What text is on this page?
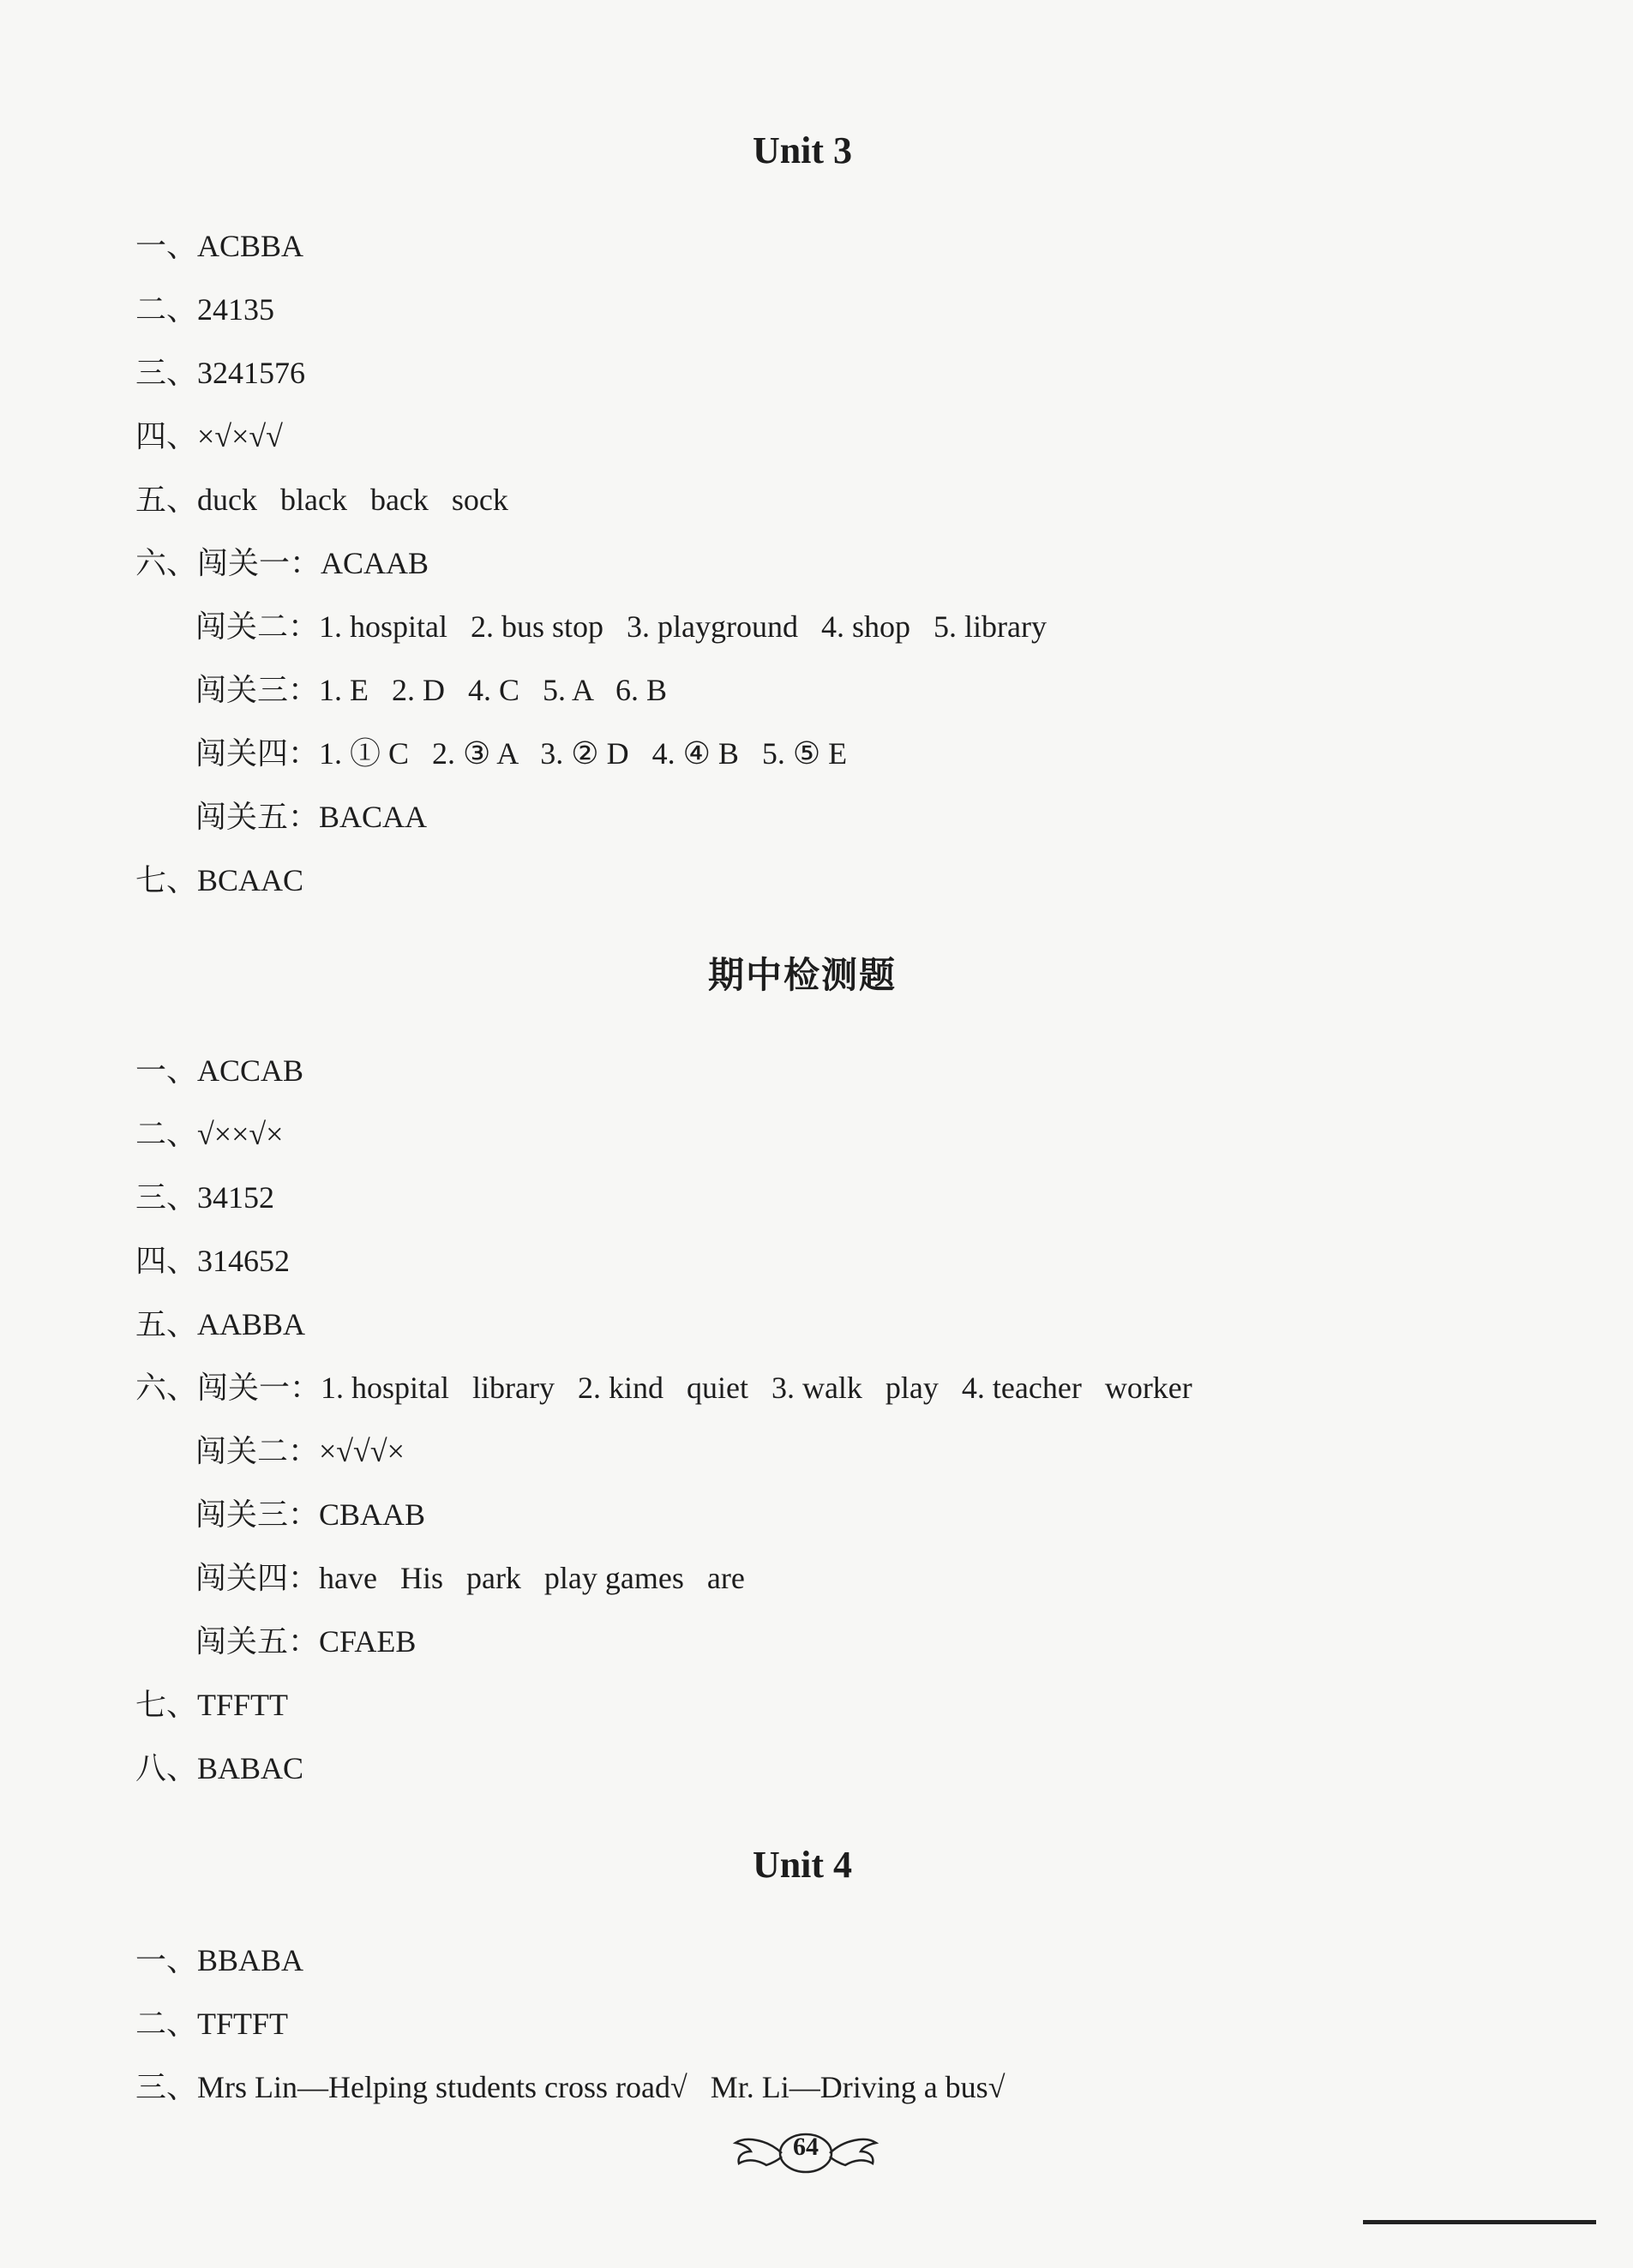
Unit 3
一、ACBBA
二、24135
三、3241576
四、×√×√√
五、duck   black   back   sock
六、闯关一：ACAAB
闯关二：1. hospital   2. bus stop   3. playground   4. shop   5. library
闯关三：1. E   2. D   4. C   5. A   6. B
闯关四：1. ① C   2. ③ A   3. ② D   4. ④ B   5. ⑤ E
闯关五：BACAA
七、BCAAC
期中检测题
一、ACCAB
二、√××√×
三、34152
四、314652
五、AABBA
六、闯关一：1. hospital   library   2. kind   quiet   3. walk   play   4. teacher   worker
闯关二：×√√√×
闯关三：CBAAB
闯关四：have   His   park   play games   are
闯关五：CFAEB
七、TFFTT
八、BABAC
Unit 4
一、BBABA
二、TFTFT
三、Mrs Lin—Helping students cross road√   Mr. Li—Driving a bus√
64
